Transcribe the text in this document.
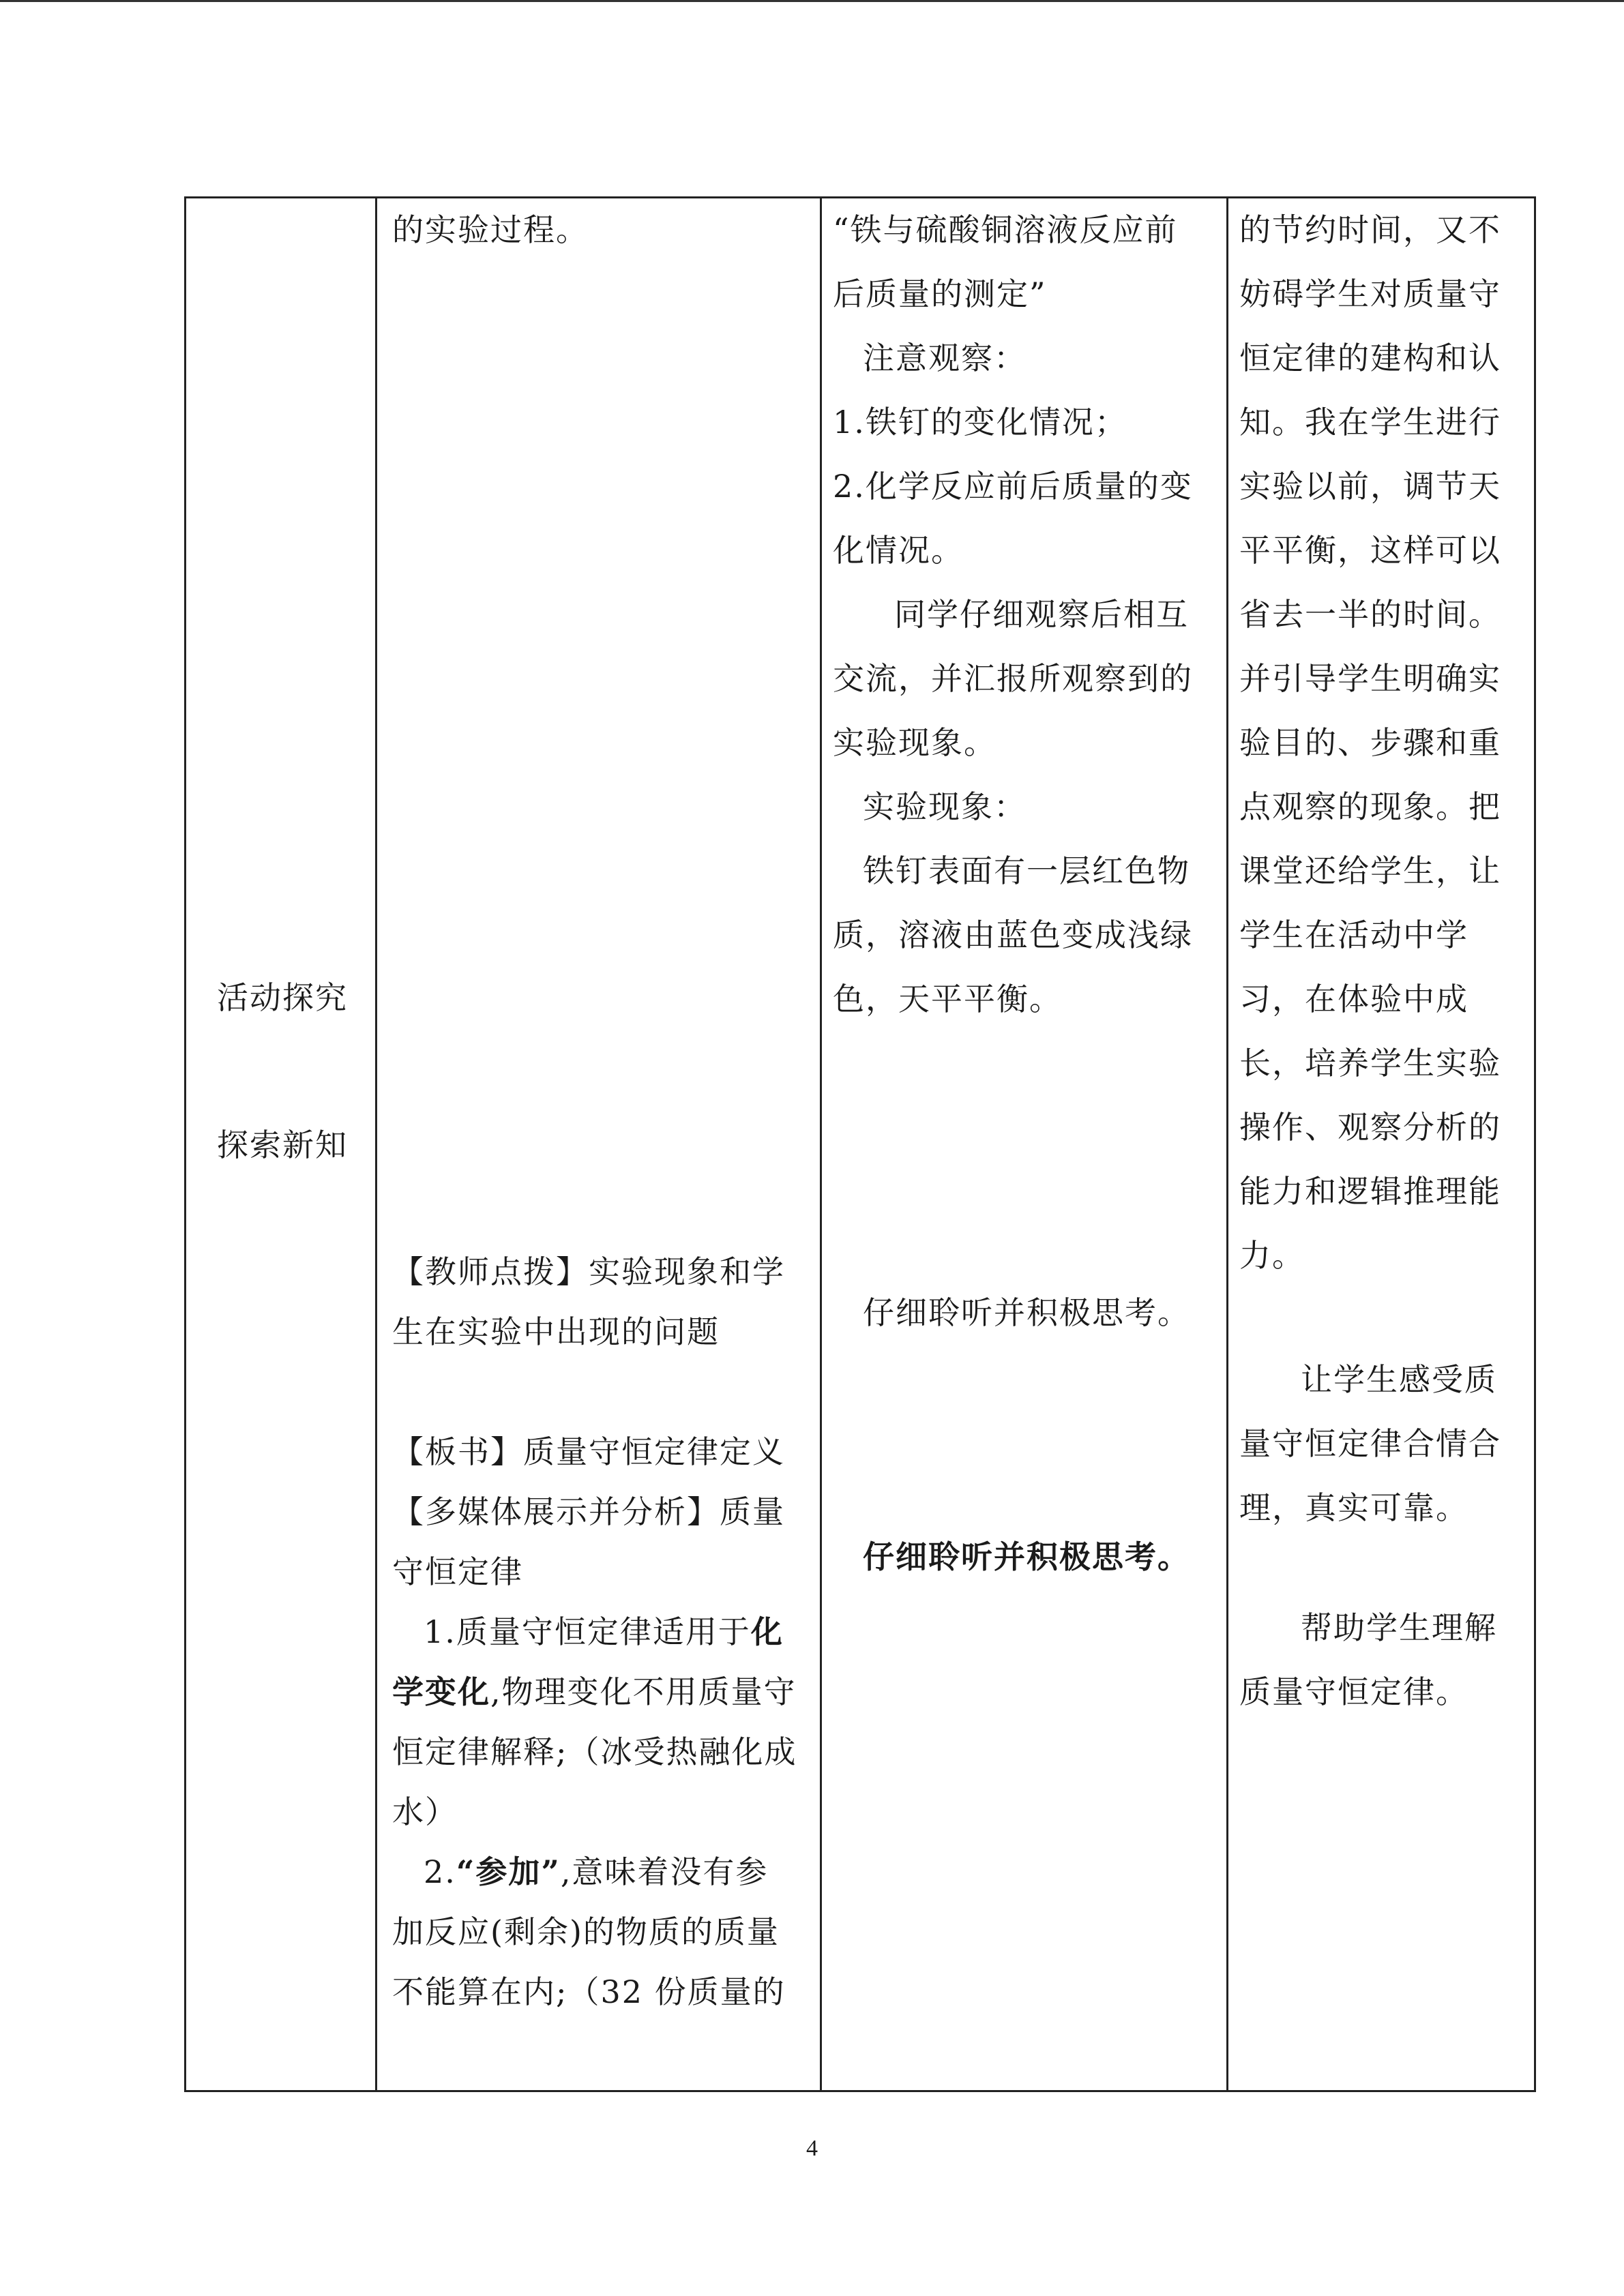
活动探究
探索新知
的实验过程。
【教师点拨】实验现象和学
生在实验中出现的问题
【板书】质量守恒定律定义
【多媒体展示并分析】质量
守恒定律
1.质量守恒定律适用于化
学变化,物理变化不用质量守
恒定律解释;（冰受热融化成
水）
2.“参加”,意味着没有参
加反应(剩余)的物质的质量
不能算在内;（32 份质量的
“铁与硫酸铜溶液反应前
后质量的测定”
注意观察：
1.铁钉的变化情况；
2.化学反应前后质量的变
化情况。
同学仔细观察后相互
交流，并汇报所观察到的
实验现象。
实验现象：
铁钉表面有一层红色物
质，溶液由蓝色变成浅绿
色，天平平衡。
仔细聆听并积极思考。
仔细聆听并积极思考。
的节约时间，又不
妨碍学生对质量守
恒定律的建构和认
知。我在学生进行
实验以前，调节天
平平衡，这样可以
省去一半的时间。
并引导学生明确实
验目的、步骤和重
点观察的现象。把
课堂还给学生，让
学生在活动中学
习，在体验中成
长，培养学生实验
操作、观察分析的
能力和逻辑推理能
力。
让学生感受质
量守恒定律合情合
理，真实可靠。
帮助学生理解
质量守恒定律。
4
